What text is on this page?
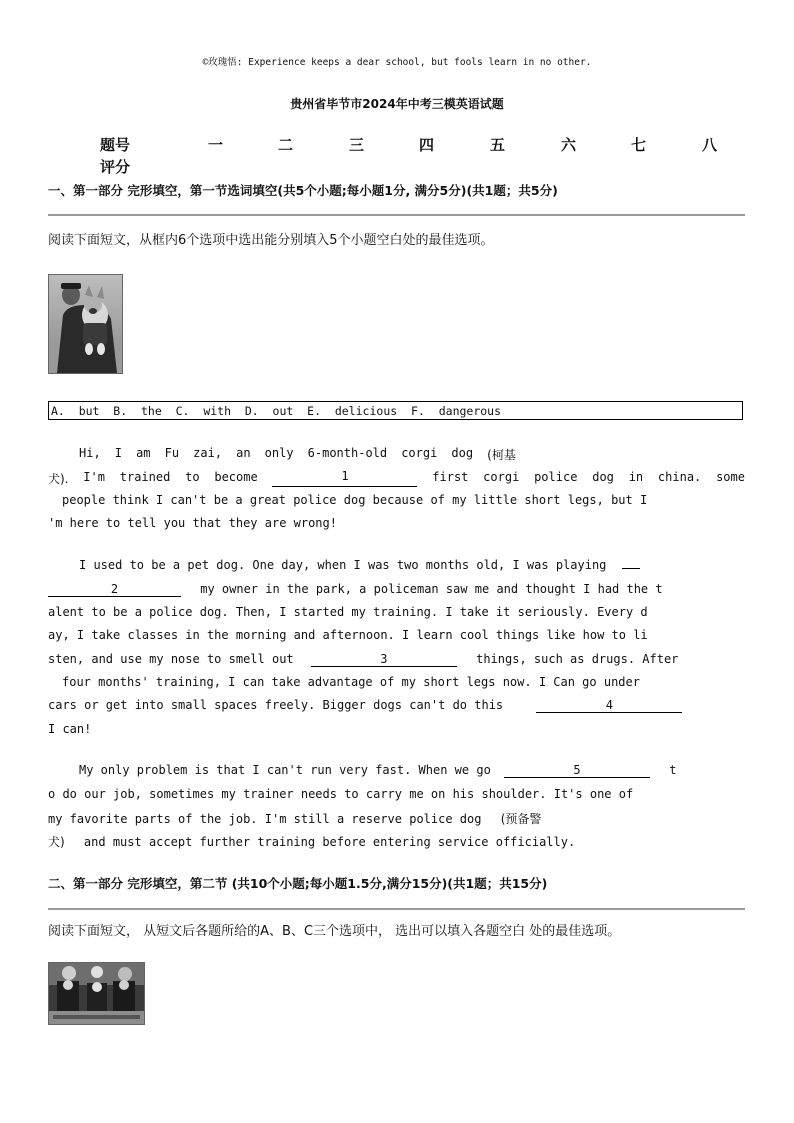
©玫瑰悟: Experience keeps a dear school, but fools learn in no other.
贵州省毕节市2024年中考三模英语试题
题号	一	二	三	四	五	六	七	八
评分
一、第一部分 完形填空，第一节选词填空(共5个小题;每小题1分, 满分5分)(共1题；共5分)
阅读下面短文，从框内6个选项中选出能分别填入5个小题空白处的最佳选项。
A.  but  B.  the  C.  with  D.  out  E.  delicious  F.  dangerous
Hi, I am Fu zai, an only 6-month-old corgi dog (柯基
犬). I'm trained to become	1	first corgi police dog in china. some
people think I can't be a great police dog because of my little short legs, but I
'm here to tell you that they are wrong!
I used to be a pet dog. One day, when I was two months old, I was playing
2	my owner in the park, a policeman saw me and thought I had the t
alent to be a police dog. Then, I started my training. I take it seriously. Every d
ay, I take classes in the morning and afternoon. I learn cool things like how to li
sten, and use my nose to smell out	3	things, such as drugs. After
four months' training, I can take advantage of my short legs now. I Can go under
cars or get into small spaces freely. Bigger dogs can't do this	4
I can!
My only problem is that I can't run very fast. When we go	5	t
o do our job, sometimes my trainer needs to carry me on his shoulder. It's one of
my favorite parts of the job. I'm still a reserve police dog (预备警
犬) and must accept further training before entering service officially.
二、第一部分 完形填空，第二节 (共10个小题;每小题1.5分,满分15分)(共1题；共15分)
阅读下面短文， 从短文后各题所给的A、B、C三个选项中， 选出可以填入各题空白 处的最佳选项。
